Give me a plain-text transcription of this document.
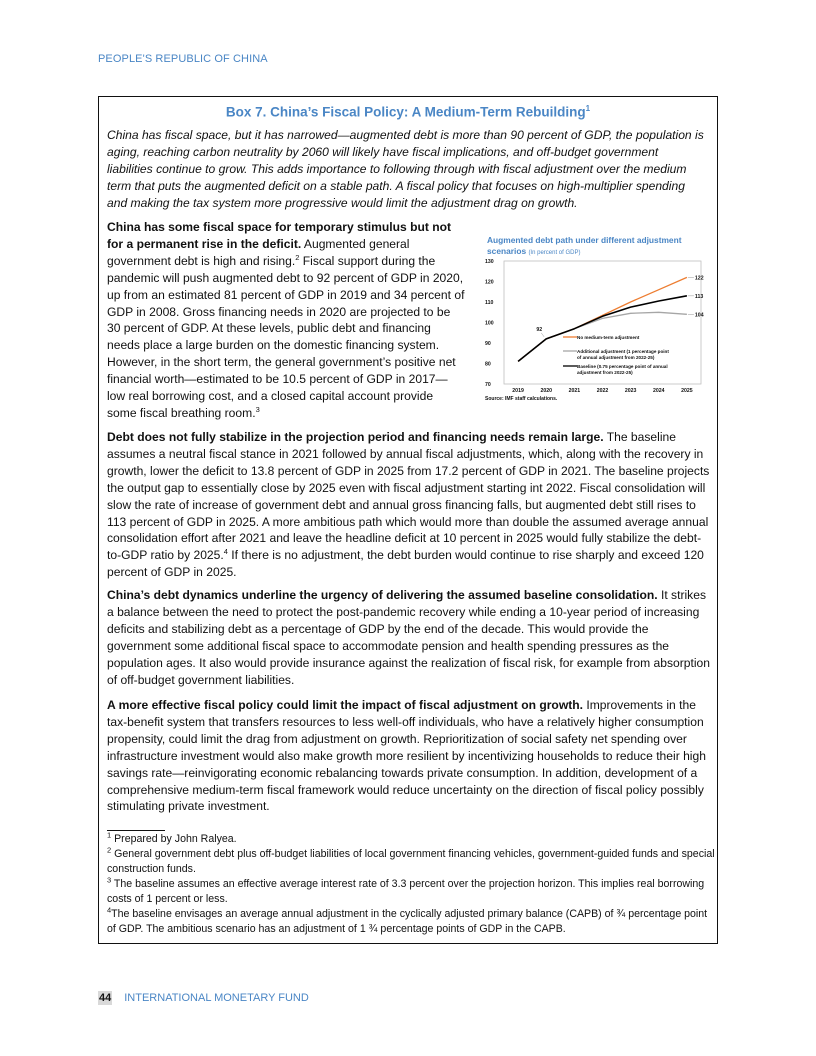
PEOPLE'S REPUBLIC OF CHINA
Box 7. China’s Fiscal Policy: A Medium-Term Rebuilding$^1$
China has fiscal space, but it has narrowed—augmented debt is more than 90 percent of GDP, the population is aging, reaching carbon neutrality by 2060 will likely have fiscal implications, and off-budget government liabilities continue to grow. This adds importance to following through with fiscal adjustment over the medium term that puts the augmented deficit on a stable path. A fiscal policy that focuses on high-multiplier spending and making the tax system more progressive would limit the adjustment drag on growth.
China has some fiscal space for temporary stimulus but not for a permanent rise in the deficit. Augmented general government debt is high and rising.$^2$ Fiscal support during the pandemic will push augmented debt to 92 percent of GDP in 2020, up from an estimated 81 percent of GDP in 2019 and 34 percent of GDP in 2008. Gross financing needs in 2020 are projected to be 30 percent of GDP. At these levels, public debt and financing needs place a large burden on the domestic financing system. However, in the short term, the general government’s positive net financial worth—estimated to be 10.5 percent of GDP in 2017—low real borrowing cost, and a closed capital account provide some fiscal breathing room.$^3$
Augmented debt path under different adjustment scenarios (In percent of GDP)
70
80
90
100
110
120
130
2019	2020	2021	2022	2023	2024	2025
104
122
113
92
No medium-term adjustment
Additional adjustment (1 percentage point
of annual adjustment from 2022-25)
Baseline (0.75 percentage point of annual
adjustment from 2022-25)
Source: IMF staff calculations.
Debt does not fully stabilize in the projection period and financing needs remain large. The baseline assumes a neutral fiscal stance in 2021 followed by annual fiscal adjustments, which, along with the recovery in growth, lower the deficit to 13.8 percent of GDP in 2025 from 17.2 percent of GDP in 2021. The baseline projects the output gap to essentially close by 2025 even with fiscal adjustment starting int 2022. Fiscal consolidation will slow the rate of increase of government debt and annual gross financing falls, but augmented debt still rises to 113 percent of GDP in 2025. A more ambitious path which would more than double the assumed average annual consolidation effort after 2021 and leave the headline deficit at 10 percent in 2025 would fully stabilize the debt-to-GDP ratio by 2025.$^4$ If there is no adjustment, the debt burden would continue to rise sharply and exceed 120 percent of GDP in 2025.
China’s debt dynamics underline the urgency of delivering the assumed baseline consolidation. It strikes a balance between the need to protect the post-pandemic recovery while ending a 10-year period of increasing deficits and stabilizing debt as a percentage of GDP by the end of the decade. This would provide the government some additional fiscal space to accommodate pension and health spending pressures as the population ages. It also would provide insurance against the realization of fiscal risk, for example from absorption of off-budget government liabilities.
A more effective fiscal policy could limit the impact of fiscal adjustment on growth. Improvements in the tax-benefit system that transfers resources to less well-off individuals, who have a relatively higher consumption propensity, could limit the drag from adjustment on growth. Reprioritization of social safety net spending over infrastructure investment would also make growth more resilient by incentivizing households to reduce their high savings rate—reinvigorating economic rebalancing towards private consumption. In addition, development of a comprehensive medium-term fiscal framework would reduce uncertainty on the direction of fiscal policy possibly stimulating private investment.

$^1$ Prepared by John Ralyea.

$^2$ General government debt plus off-budget liabilities of local government financing vehicles, government-guided funds and special construction funds.

$^3$ The baseline assumes an effective average interest rate of 3.3 percent over the projection horizon. This implies real borrowing costs of 1 percent or less.

$^4$The baseline envisages an average annual adjustment in the cyclically adjusted primary balance (CAPB) of ¾ percentage point of GDP. The ambitious scenario has an adjustment of 1 ¾ percentage points of GDP in the CAPB.

44 INTERNATIONAL MONETARY FUND
